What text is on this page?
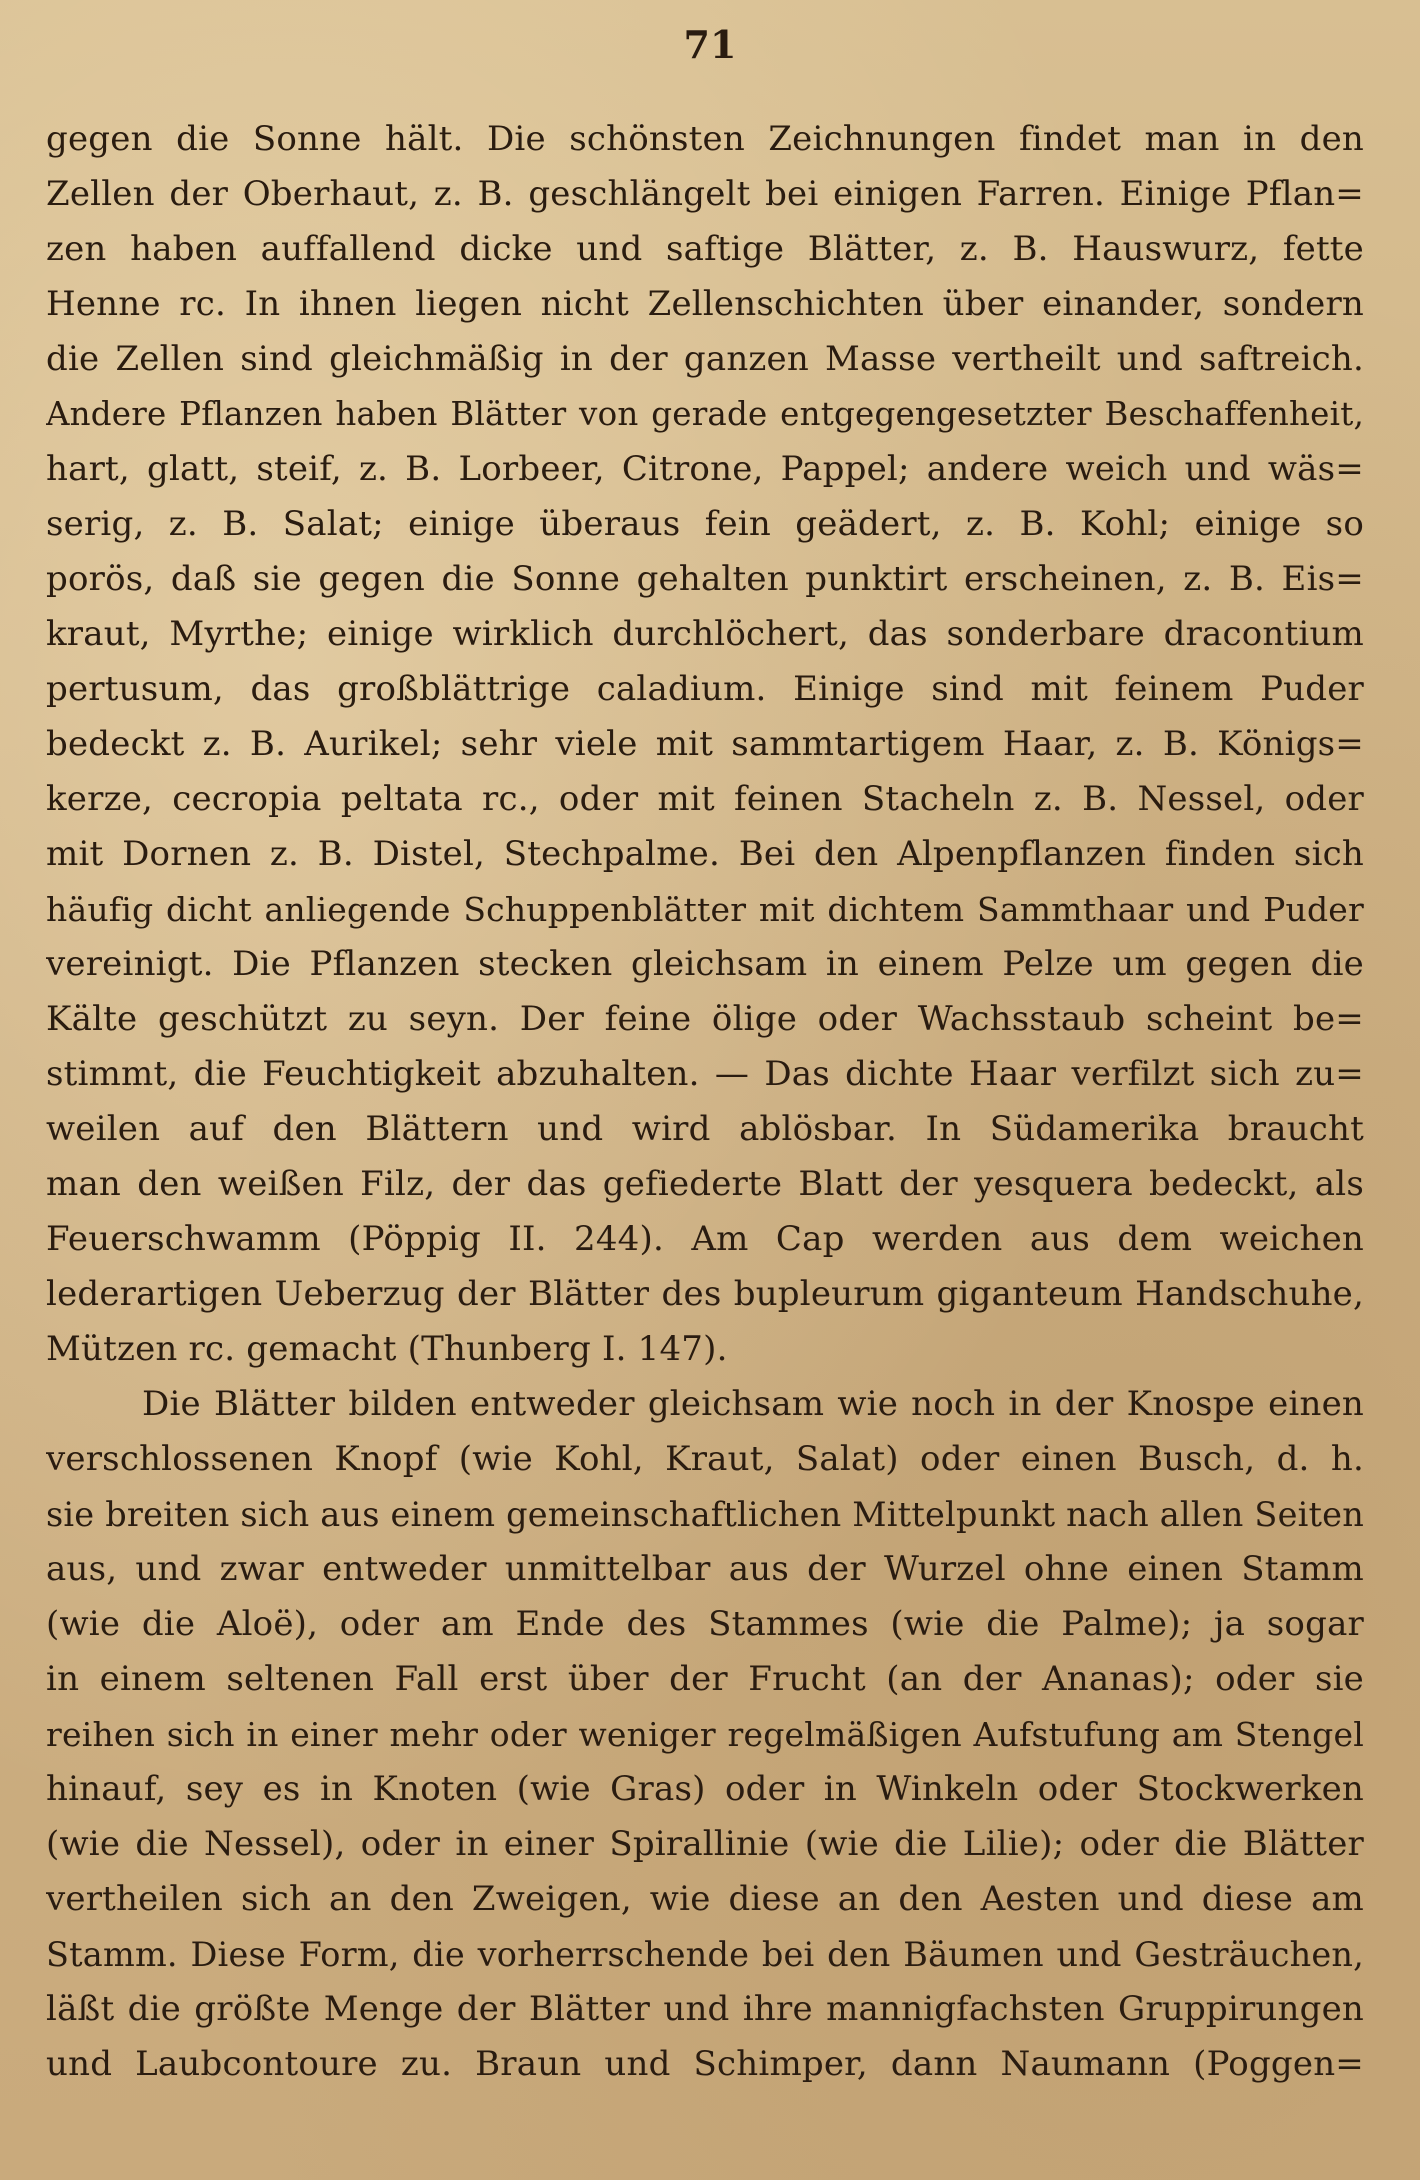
71
gegen die Sonne hält. Die schönsten Zeichnungen findet man in den
Zellen der Oberhaut, z. B. geschlängelt bei einigen Farren. Einige Pflan=
zen haben auffallend dicke und saftige Blätter, z. B. Hauswurz, fette
Henne rc. In ihnen liegen nicht Zellenschichten über einander, sondern
die Zellen sind gleichmäßig in der ganzen Masse vertheilt und saftreich.
Andere Pflanzen haben Blätter von gerade entgegengesetzter Beschaffenheit,
hart, glatt, steif, z. B. Lorbeer, Citrone, Pappel; andere weich und wäs=
serig, z. B. Salat; einige überaus fein geädert, z. B. Kohl; einige so
porös, daß sie gegen die Sonne gehalten punktirt erscheinen, z. B. Eis=
kraut, Myrthe; einige wirklich durchlöchert, das sonderbare dracontium
pertusum, das großblättrige caladium. Einige sind mit feinem Puder
bedeckt z. B. Aurikel; sehr viele mit sammtartigem Haar, z. B. Königs=
kerze, cecropia peltata rc., oder mit feinen Stacheln z. B. Nessel, oder
mit Dornen z. B. Distel, Stechpalme. Bei den Alpenpflanzen finden sich
häufig dicht anliegende Schuppenblätter mit dichtem Sammthaar und Puder
vereinigt. Die Pflanzen stecken gleichsam in einem Pelze um gegen die
Kälte geschützt zu seyn. Der feine ölige oder Wachsstaub scheint be=
stimmt, die Feuchtigkeit abzuhalten. — Das dichte Haar verfilzt sich zu=
weilen auf den Blättern und wird ablösbar. In Südamerika braucht
man den weißen Filz, der das gefiederte Blatt der yesquera bedeckt, als
Feuerschwamm (Pöppig II. 244). Am Cap werden aus dem weichen
lederartigen Ueberzug der Blätter des bupleurum giganteum Handschuhe,
Mützen rc. gemacht (Thunberg I. 147).
Die Blätter bilden entweder gleichsam wie noch in der Knospe einen
verschlossenen Knopf (wie Kohl, Kraut, Salat) oder einen Busch, d. h.
sie breiten sich aus einem gemeinschaftlichen Mittelpunkt nach allen Seiten
aus, und zwar entweder unmittelbar aus der Wurzel ohne einen Stamm
(wie die Aloë), oder am Ende des Stammes (wie die Palme); ja sogar
in einem seltenen Fall erst über der Frucht (an der Ananas); oder sie
reihen sich in einer mehr oder weniger regelmäßigen Aufstufung am Stengel
hinauf, sey es in Knoten (wie Gras) oder in Winkeln oder Stockwerken
(wie die Nessel), oder in einer Spirallinie (wie die Lilie); oder die Blätter
vertheilen sich an den Zweigen, wie diese an den Aesten und diese am
Stamm. Diese Form, die vorherrschende bei den Bäumen und Gesträuchen,
läßt die größte Menge der Blätter und ihre mannigfachsten Gruppirungen
und Laubcontoure zu. Braun und Schimper, dann Naumann (Poggen=
